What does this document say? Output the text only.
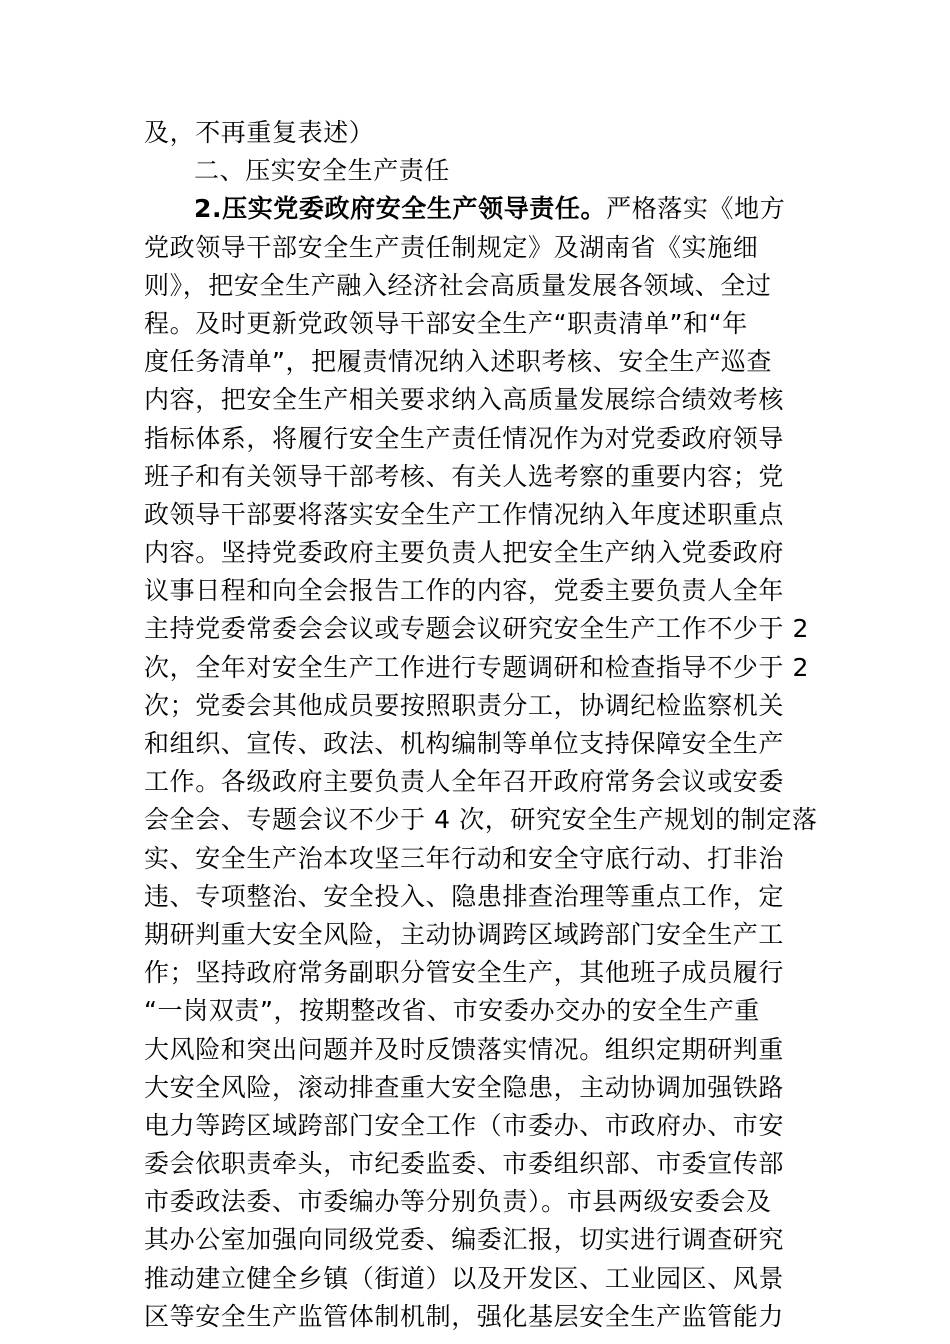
及，不再重复表述）
二、压实安全生产责任
2.压实党委政府安全生产领导责任。严格落实《地方
党政领导干部安全生产责任制规定》及湖南省《实施细
则》，把安全生产融入经济社会高质量发展各领域、全过
程。及时更新党政领导干部安全生产“职责清单”和“年
度任务清单”，把履责情况纳入述职考核、安全生产巡查
内容，把安全生产相关要求纳入高质量发展综合绩效考核
指标体系，将履行安全生产责任情况作为对党委政府领导
班子和有关领导干部考核、有关人选考察的重要内容；党
政领导干部要将落实安全生产工作情况纳入年度述职重点
内容。坚持党委政府主要负责人把安全生产纳入党委政府
议事日程和向全会报告工作的内容，党委主要负责人全年
主持党委常委会会议或专题会议研究安全生产工作不少于 2
次，全年对安全生产工作进行专题调研和检查指导不少于 2
次；党委会其他成员要按照职责分工，协调纪检监察机关
和组织、宣传、政法、机构编制等单位支持保障安全生产
工作。各级政府主要负责人全年召开政府常务会议或安委
会全会、专题会议不少于 4 次，研究安全生产规划的制定落
实、安全生产治本攻坚三年行动和安全守底行动、打非治
违、专项整治、安全投入、隐患排查治理等重点工作，定
期研判重大安全风险，主动协调跨区域跨部门安全生产工
作；坚持政府常务副职分管安全生产，其他班子成员履行
“一岗双责”，按期整改省、市安委办交办的安全生产重
大风险和突出问题并及时反馈落实情况。组织定期研判重
大安全风险，滚动排查重大安全隐患，主动协调加强铁路
电力等跨区域跨部门安全工作（市委办、市政府办、市安
委会依职责牵头，市纪委监委、市委组织部、市委宣传部
市委政法委、市委编办等分别负责）。市县两级安委会及
其办公室加强向同级党委、编委汇报，切实进行调查研究
推动建立健全乡镇（街道）以及开发区、工业园区、风景
区等安全生产监管体制机制，强化基层安全生产监管能力
